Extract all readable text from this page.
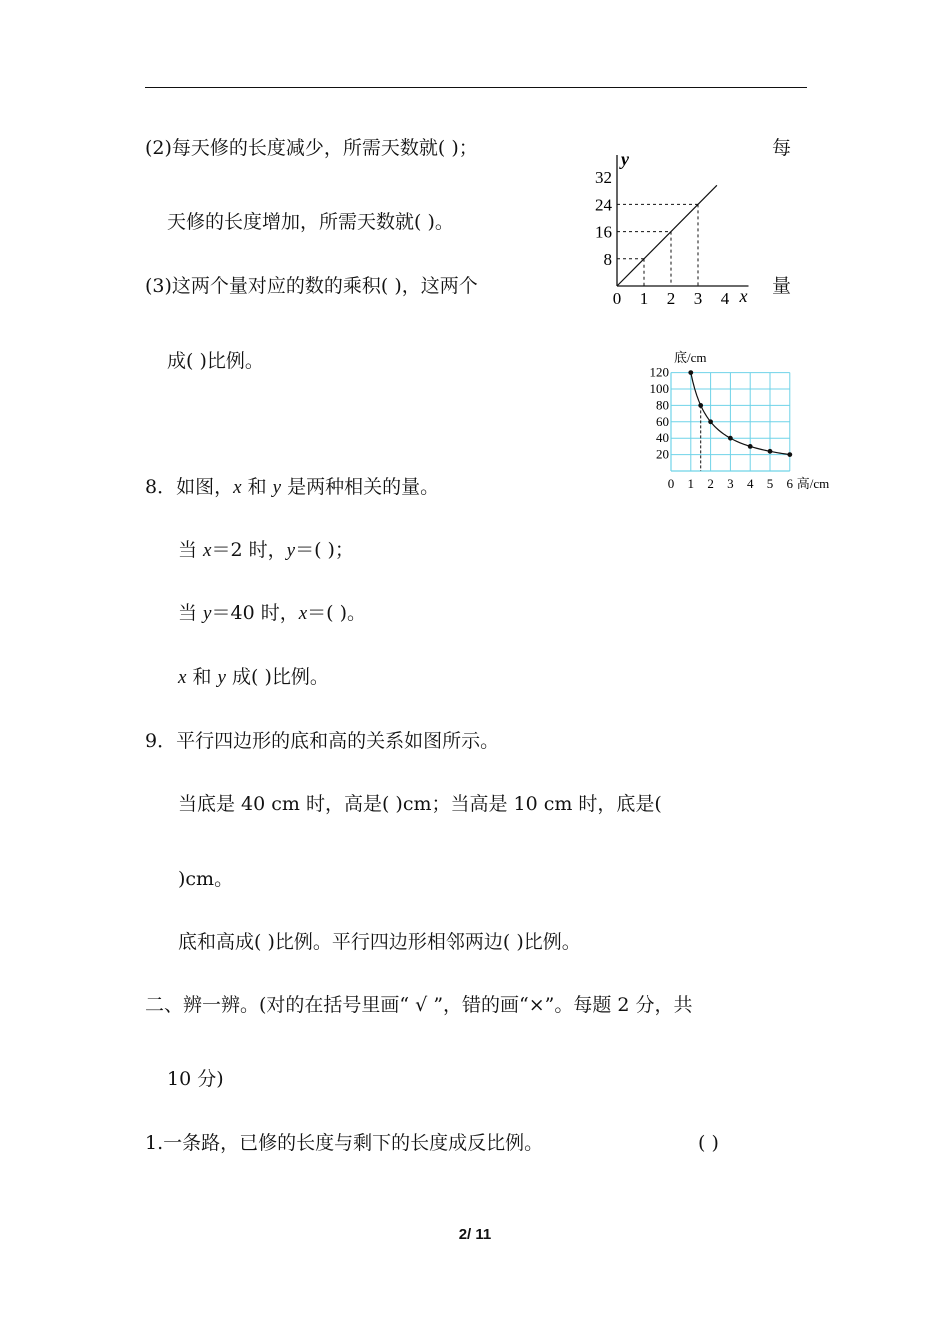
(2)每天修的长度减少，所需天数就( )；	每
天修的长度增加，所需天数就( )。
(3)这两个量对应的数的乘积( )，这两个	量
成( )比例。
y
x
0 1 2 3 4
8
16
24
32
底/cm
高/cm
0 1 2 3 4 5 6
20
40
60
80
100
120
8．如图，x 和 y 是两种相关的量。
当 x＝2 时，y＝( )；
当 y＝40 时，x＝( )。
x 和 y 成( )比例。
9．平行四边形的底和高的关系如图所示。
当底是 40 cm 时，高是( )cm；当高是 10 cm 时，底是(
)cm。
底和高成( )比例。平行四边形相邻两边( )比例。
二、辨一辨。(对的在括号里画“ √ ”，错的画“×”。每题 2 分，共
10 分)
1.一条路，已修的长度与剩下的长度成反比例。	( )
2/ 11
